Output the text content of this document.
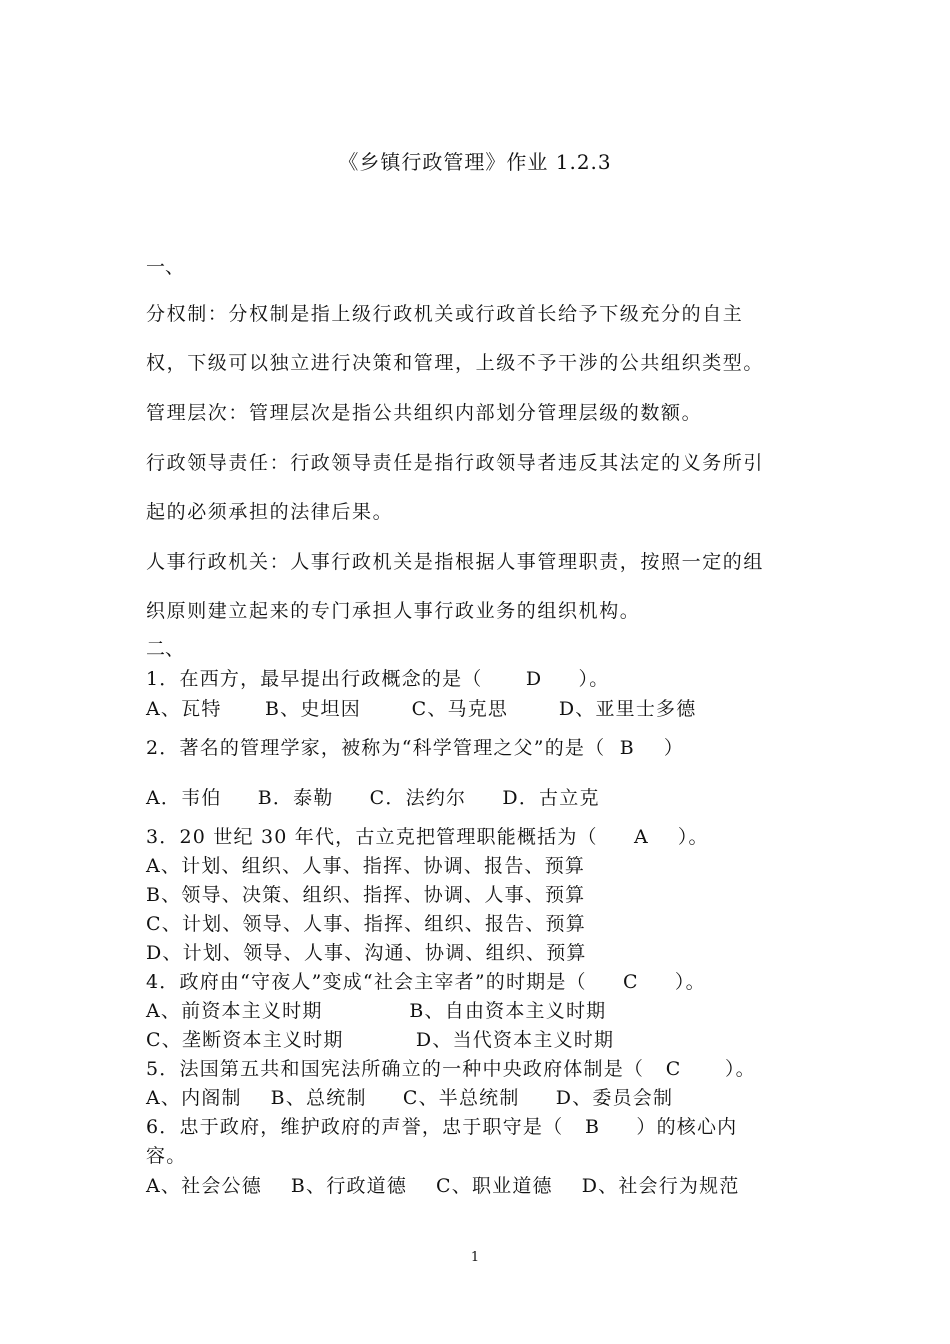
《乡镇行政管理》作业 1.2.3
一、
分权制：分权制是指上级行政机关或行政首长给予下级充分的自主
权，下级可以独立进行决策和管理，上级不予干涉的公共组织类型。
管理层次：管理层次是指公共组织内部划分管理层级的数额。
行政领导责任：行政领导责任是指行政领导者违反其法定的义务所引
起的必须承担的法律后果。
人事行政机关：人事行政机关是指根据人事管理职责，按照一定的组
织原则建立起来的专门承担人事行政业务的组织机构。
二、
1．在西方，最早提出行政概念的是（      D     ）。
A、瓦特      B、史坦因       C、马克思       D、亚里士多德
2．著名的管理学家，被称为“科学管理之父”的是（  B    ）
A．韦伯     B．泰勒     C．法约尔     D．古立克
3．20 世纪 30 年代，古立克把管理职能概括为（     A    ）。
A、计划、组织、人事、指挥、协调、报告、预算
B、领导、决策、组织、指挥、协调、人事、预算
C、计划、领导、人事、指挥、组织、报告、预算
D、计划、领导、人事、沟通、协调、组织、预算
4．政府由“守夜人”变成“社会主宰者”的时期是（     C     ）。
A、前资本主义时期            B、自由资本主义时期
C、垄断资本主义时期          D、当代资本主义时期
5．法国第五共和国宪法所确立的一种中央政府体制是（   C      ）。
A、内阁制    B、总统制     C、半总统制     D、委员会制
6．忠于政府，维护政府的声誉，忠于职守是（   B     ）的核心内
容。
A、社会公德    B、行政道德    C、职业道德    D、社会行为规范
1
